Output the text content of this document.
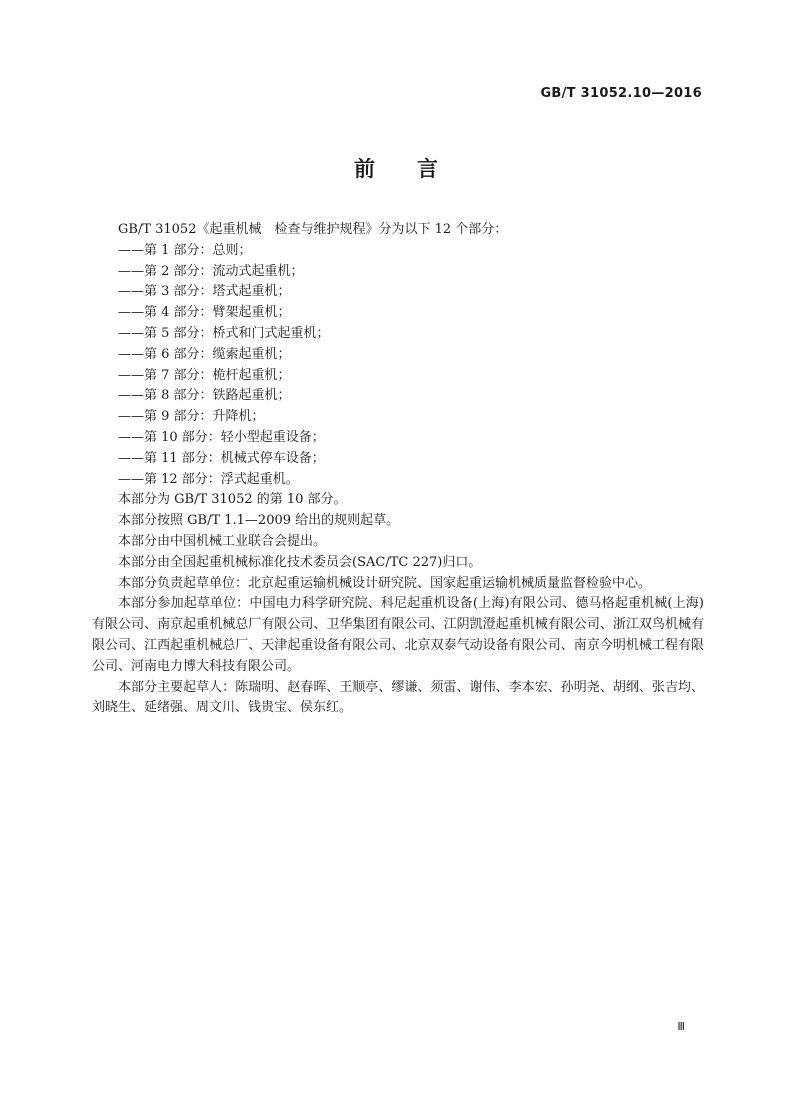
GB/T 31052.10—2016
前 言

GB/T 31052《起重机械　检查与维护规程》分为以下 12 个部分：

——第 1 部分：总则；

——第 2 部分：流动式起重机；

——第 3 部分：塔式起重机；

——第 4 部分：臂架起重机；

——第 5 部分：桥式和门式起重机；

——第 6 部分：缆索起重机；

——第 7 部分：桅杆起重机；

——第 8 部分：铁路起重机；

——第 9 部分：升降机；

——第 10 部分：轻小型起重设备；

——第 11 部分：机械式停车设备；

——第 12 部分：浮式起重机。

本部分为 GB/T 31052 的第 10 部分。

本部分按照 GB/T 1.1—2009 给出的规则起草。

本部分由中国机械工业联合会提出。

本部分由全国起重机械标准化技术委员会(SAC/TC 227)归口。

本部分负责起草单位：北京起重运输机械设计研究院、国家起重运输机械质量监督检验中心。

本部分参加起草单位：中国电力科学研究院、科尼起重机设备(上海)有限公司、德马格起重机械(上海)有限公司、南京起重机械总厂有限公司、卫华集团有限公司、江阴凯澄起重机械有限公司、浙江双鸟机械有限公司、江西起重机械总厂、天津起重设备有限公司、北京双泰气动设备有限公司、南京今明机械工程有限公司、河南电力博大科技有限公司。

本部分主要起草人：陈瑞明、赵春晖、王顺亭、缪谦、须雷、谢伟、李本宏、孙明尧、胡纲、张吉均、刘晓生、延绪强、周文川、钱贵宝、侯东红。

Ⅲ
